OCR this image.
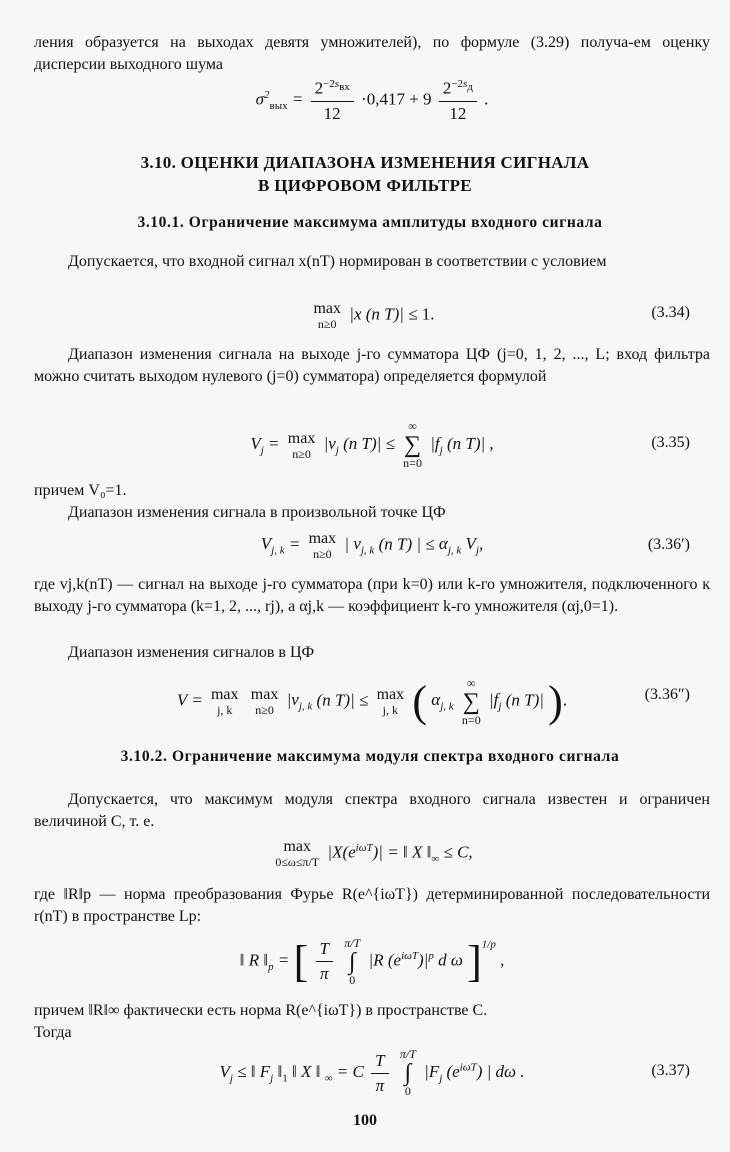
ления образуется на выходах девятя умножителей), по формуле (3.29) получа-ем оценку дисперсии выходного шума
$\sigma^2_{вых} = \frac{2^{-2s_{вх}}}{12} \cdot 0,417 + 9 \frac{2^{-2s_д}}{12}$ .
3.10. ОЦЕНКИ ДИАПАЗОНА ИЗМЕНЕНИЯ СИГНАЛА
В ЦИФРОВОМ ФИЛЬТРЕ
3.10.1. Ограничение максимума амплитуды входного сигнала
Допускается, что входной сигнал x(nT) нормирован в соответствии с условием
max
n≥0
|x (n T)| ≤ 1.	(3.34)
Диапазон изменения сигнала на выходе j-го сумматора ЦФ (j=0, 1, 2, ..., L; вход фильтра можно считать выходом нулевого (j=0) сумматора) определяется формулой
$V_j = \max$
n≥0
$|v_j$ (n T)| ≤
∞
∑
n=0
$|f_j$ (n T)| ,	(3.35)
причем V₀=1.
Диапазон изменения сигнала в произвольной точке ЦФ
$V_{j, k} = \max$
n≥0
| $v_{j, k}$ (n T) | ≤ $\alpha_{j, k}$ $V_j$,	(3.36′)
где vj,k(nT) — сигнал на выходе j-го сумматора (при k=0) или k-го умножителя, подключенного к выходу j-го сумматора (k=1, 2, ..., rj), а αj,k — коэффициент k-го умножителя (αj,0=1).
Диапазон изменения сигналов в ЦФ
V = max
j, k

max
n≥0
$|v_{j, k}$ (n T)| ≤ max
j, k ( $\alpha_{j, k}$
∞
∑
n=0
$|f_j$ (n T)| ).	(3.36″)
3.10.2. Ограничение максимума модуля спектра входного сигнала
Допускается, что максимум модуля спектра входного сигнала известен и ограничен величиной C, т. е.
max
0≤ω≤π/T
$|X(e^{i\omega T})|$ = ‖ X $‖_\infty \le C$,
где ‖R‖p — норма преобразования Фурье R(e^{iωT}) детерминированной последовательности r(nT) в пространстве Lp:
‖ R $‖_p$ = [ $\frac{T}{\pi}$
π/T
∫
0
|R $(e^{i\omega T})|^p$ d ω ]$^{1/p}$ ,
причем ‖R‖∞ фактически есть норма R(e^{iωT}) в пространстве C.
Тогда
$V_j$ ≤ ‖ $F_j$ $‖_1$ ‖ X ‖ $_\infty$ = C $\frac{T}{\pi}$
π/T
∫
0
$|F_j$ $(e^{i\omega T})$ | dω .	(3.37)
100
